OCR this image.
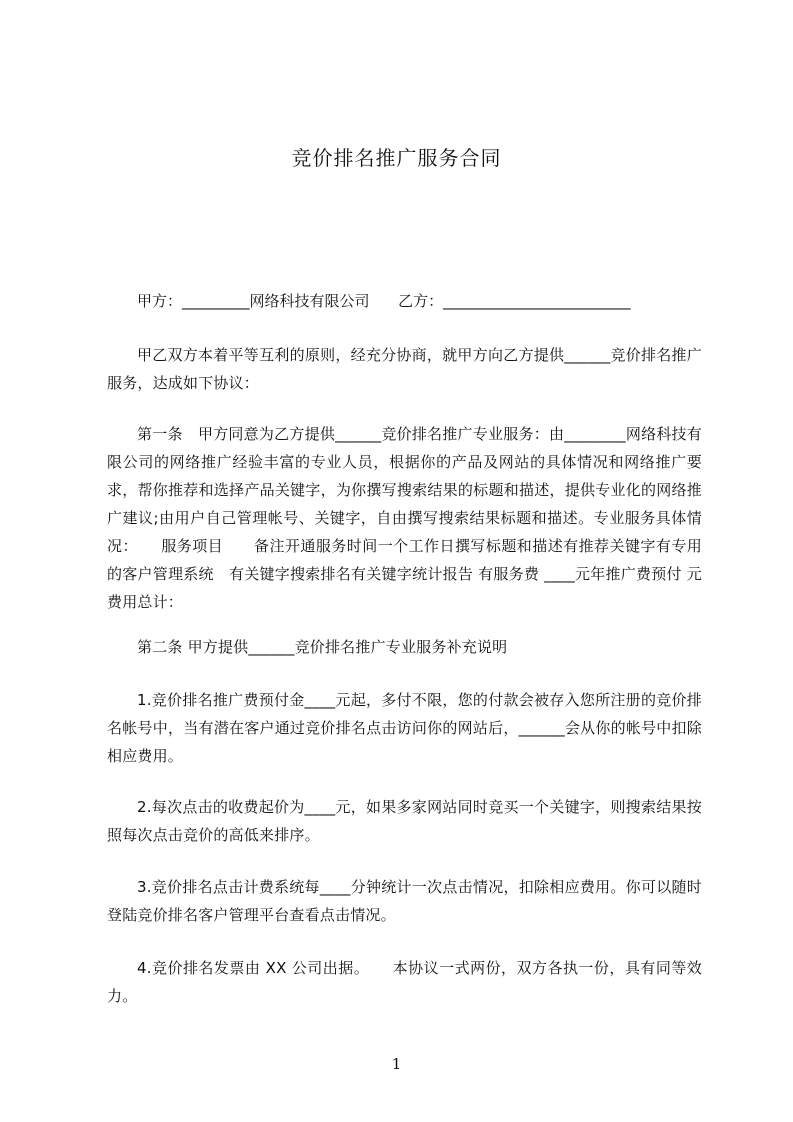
竞价排名推广服务合同
甲方：_________网络科技有限公司      乙方：_________________________
甲乙双方本着平等互利的原则，经充分协商，就甲方向乙方提供______竞价排名推广服务，达成如下协议：
第一条　甲方同意为乙方提供______竞价排名推广专业服务：由________网络科技有限公司的网络推广经验丰富的专业人员，根据你的产品及网站的具体情况和网络推广要求，帮你推荐和选择产品关键字，为你撰写搜索结果的标题和描述，提供专业化的网络推广建议;由用户自己管理帐号、关键字，自由撰写搜索结果标题和描述。专业服务具体情况：　　服务项目　　备注开通服务时间一个工作日撰写标题和描述有推荐关键字有专用的客户管理系统　有关键字搜索排名有关键字统计报告 有服务费 ____元年推广费预付 元费用总计：
第二条 甲方提供______竞价排名推广专业服务补充说明
1.竞价排名推广费预付金____元起，多付不限，您的付款会被存入您所注册的竞价排名帐号中，当有潜在客户通过竞价排名点击访问你的网站后，______会从你的帐号中扣除相应费用。
2.每次点击的收费起价为____元，如果多家网站同时竞买一个关键字，则搜索结果按照每次点击竞价的高低来排序。
3.竞价排名点击计费系统每____分钟统计一次点击情况，扣除相应费用。你可以随时登陆竞价排名客户管理平台查看点击情况。
4.竞价排名发票由 XX 公司出据。　　本协议一式两份，双方各执一份，具有同等效力。
1
